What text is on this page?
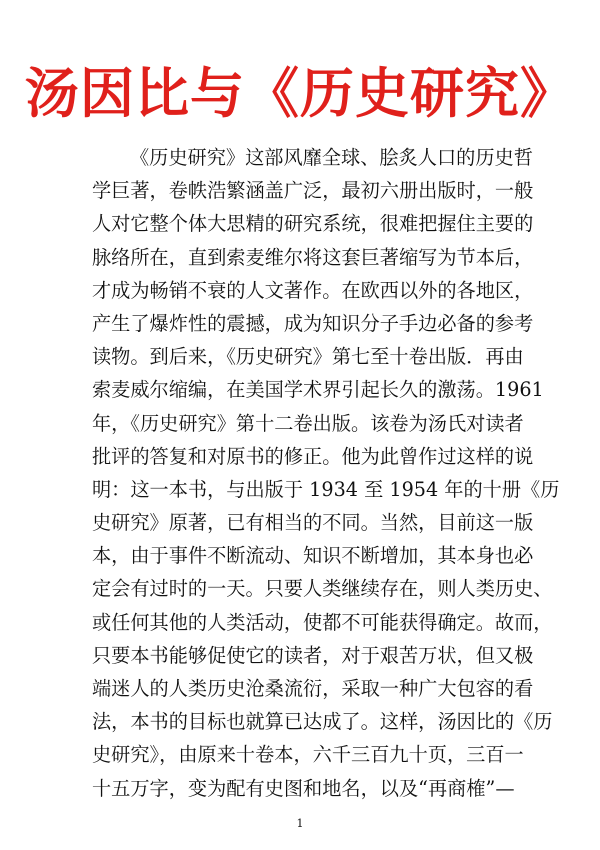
汤因比与《历史研究》
《历史研究》这部风靡全球、脍炙人口的历史哲
学巨著，卷帙浩繁涵盖广泛，最初六册出版时，一般
人对它整个体大思精的研究系统，很难把握住主要的
脉络所在，直到索麦维尔将这套巨著缩写为节本后，
才成为畅销不衰的人文著作。在欧西以外的各地区，
产生了爆炸性的震撼，成为知识分子手边必备的参考
读物。到后来，《历史研究》第七至十卷出版．再由
索麦威尔缩编，在美国学术界引起长久的激荡。1961
年，《历史研究》第十二卷出版。该卷为汤氏对读者
批评的答复和对原书的修正。他为此曾作过这样的说
明：这一本书，与出版于 1934 至 1954 年的十册《历
史研究》原著，已有相当的不同。当然，目前这一版
本，由于事件不断流动、知识不断增加，其本身也必
定会有过时的一天。只要人类继续存在，则人类历史、
或任何其他的人类活动，使都不可能获得确定。故而，
只要本书能够促使它的读者，对于艰苦万状，但又极
端迷人的人类历史沧桑流衍，采取一种广大包容的看
法，本书的目标也就算已达成了。这样，汤因比的《历
史研究》，由原来十卷本，六千三百九十页，三百一
十五万字，变为配有史图和地名，以及“再商榷”—
1
